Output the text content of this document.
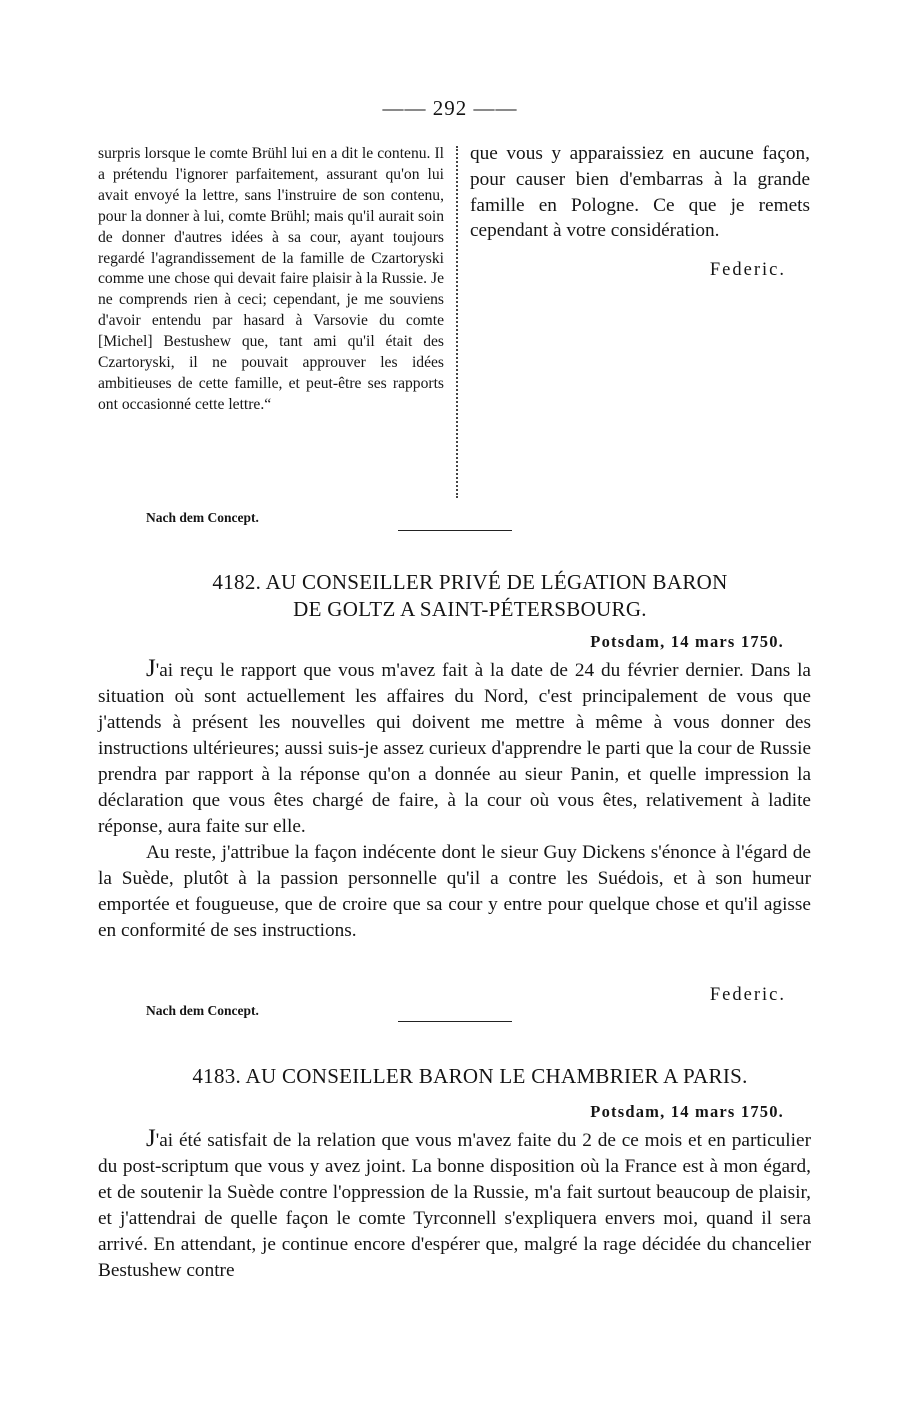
—— 292 ——

surpris lorsque le comte Brühl lui en a dit le contenu. Il a prétendu l'ignorer parfaitement, assurant qu'on lui avait envoyé la lettre, sans l'instruire de son contenu, pour la donner à lui, comte Brühl; mais qu'il aurait soin de donner d'autres idées à sa cour, ayant toujours regardé l'agrandissement de la famille de Czartoryski comme une chose qui devait faire plaisir à la Russie. Je ne comprends rien à ceci; cependant, je me souviens d'avoir entendu par hasard à Varsovie du comte [Michel] Bestushew que, tant ami qu'il était des Czartoryski, il ne pouvait approuver les idées ambitieuses de cette famille, et peut-être ses rapports ont occasionné cette lettre.“

que vous y apparaissiez en aucune façon, pour causer bien d'embarras à la grande famille en Pologne. Ce que je remets cependant à votre considération.

Federic.
Nach dem Concept.
4182. AU CONSEILLER PRIVÉ DE LÉGATION BARON
DE GOLTZ A SAINT-PÉTERSBOURG.
Potsdam, 14 mars 1750.

J'ai reçu le rapport que vous m'avez fait à la date de 24 du février dernier. Dans la situation où sont actuellement les affaires du Nord, c'est principalement de vous que j'attends à présent les nouvelles qui doivent me mettre à même à vous donner des instructions ultérieures; aussi suis-je assez curieux d'apprendre le parti que la cour de Russie prendra par rapport à la réponse qu'on a donnée au sieur Panin, et quelle impression la déclaration que vous êtes chargé de faire, à la cour où vous êtes, relativement à ladite réponse, aura faite sur elle.

Au reste, j'attribue la façon indécente dont le sieur Guy Dickens s'énonce à l'égard de la Suède, plutôt à la passion personnelle qu'il a contre les Suédois, et à son humeur emportée et fougueuse, que de croire que sa cour y entre pour quelque chose et qu'il agisse en conformité de ses instructions.

Federic.
Nach dem Concept.
4183. AU CONSEILLER BARON LE CHAMBRIER A PARIS.
Potsdam, 14 mars 1750.

J'ai été satisfait de la relation que vous m'avez faite du 2 de ce mois et en particulier du post-scriptum que vous y avez joint. La bonne disposition où la France est à mon égard, et de soutenir la Suède contre l'oppression de la Russie, m'a fait surtout beaucoup de plaisir, et j'attendrai de quelle façon le comte Tyrconnell s'expliquera envers moi, quand il sera arrivé. En attendant, je continue encore d'espérer que, malgré la rage décidée du chancelier Bestushew contre
